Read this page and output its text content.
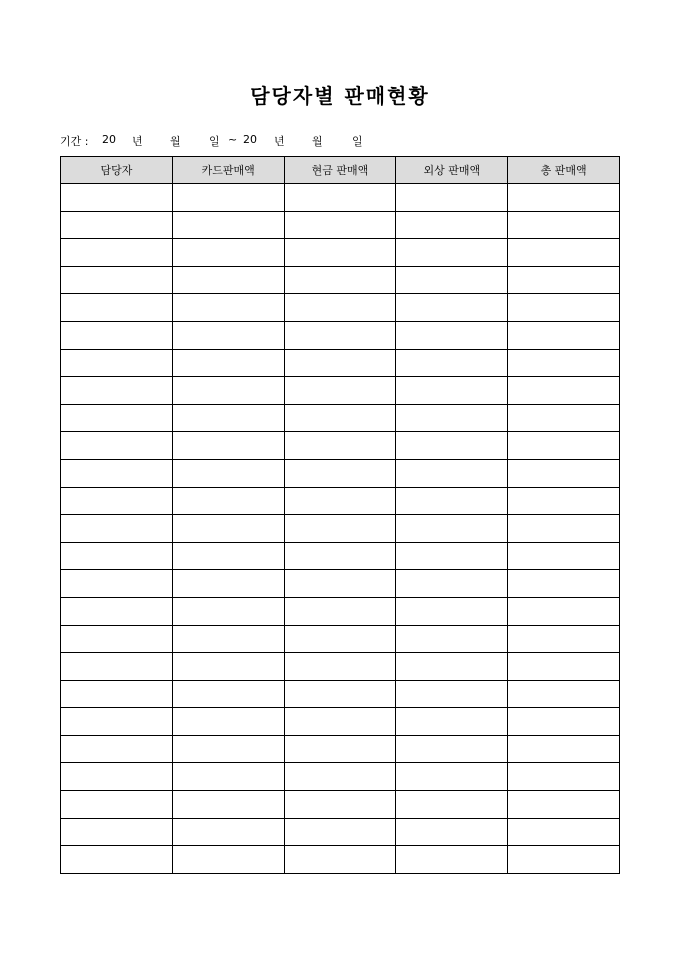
담당자별 판매현황

기간 :

20

년

월

	일

~

20

년

월

	일

담당자	카드판매액	현금 판매액	외상 판매액	총 판매액
